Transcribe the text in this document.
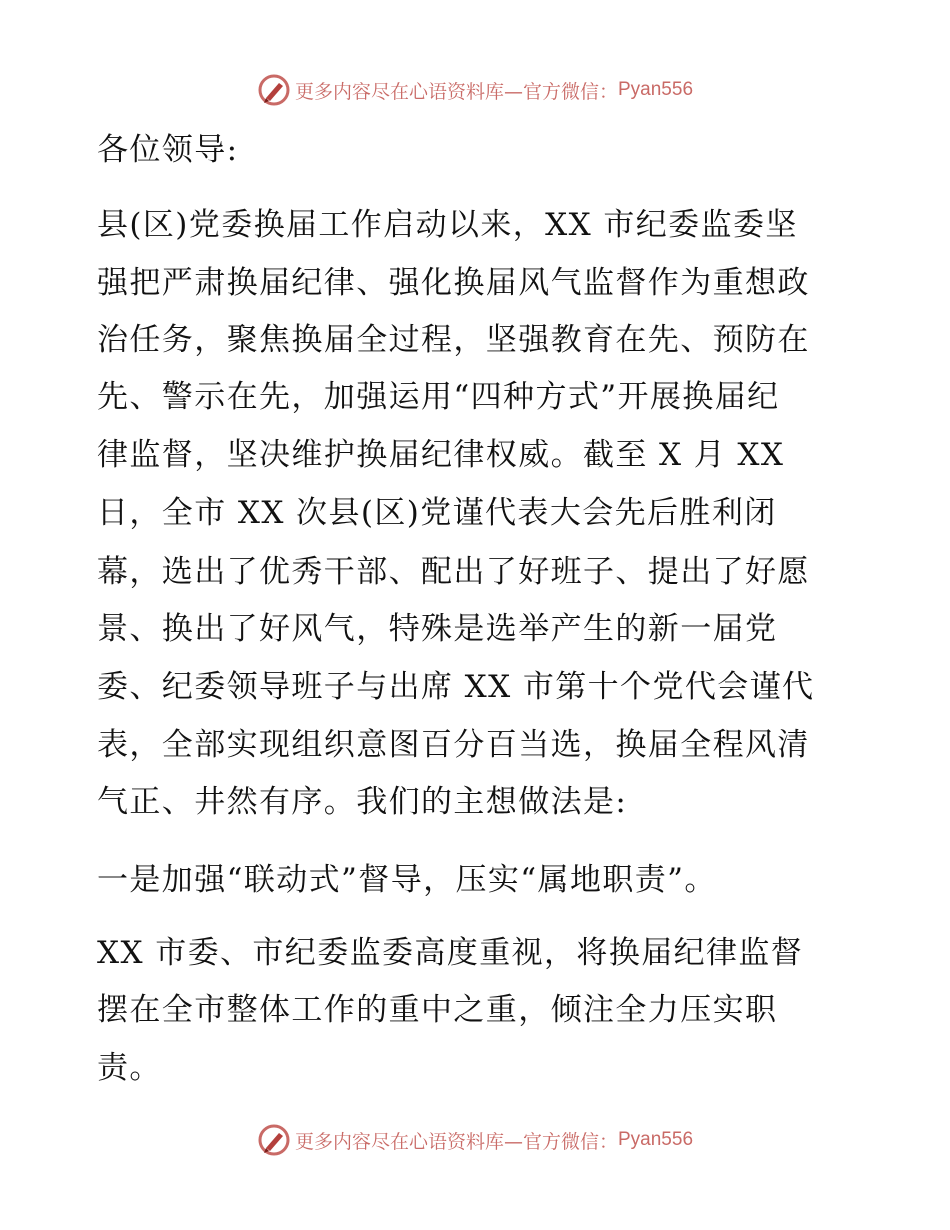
更多内容尽在心语资料库—官方微信： Pyan556
各位领导:
县(区)党委换届工作启动以来，XX 市纪委监委坚
强把严肃换届纪律、强化换届风气监督作为重想政
治任务，聚焦换届全过程，坚强教育在先、预防在
先、警示在先，加强运用“四种方式”开展换届纪
律监督，坚决维护换届纪律权威。截至 X 月 XX
日，全市 XX 次县(区)党谨代表大会先后胜利闭
幕，选出了优秀干部、配出了好班子、提出了好愿
景、换出了好风气，特殊是选举产生的新一届党
委、纪委领导班子与出席 XX 市第十个党代会谨代
表，全部实现组织意图百分百当选，换届全程风清
气正、井然有序。我们的主想做法是:
一是加强“联动式”督导，压实“属地职责”。
XX 市委、市纪委监委高度重视，将换届纪律监督
摆在全市整体工作的重中之重，倾注全力压实职
责。
更多内容尽在心语资料库—官方微信： Pyan556
